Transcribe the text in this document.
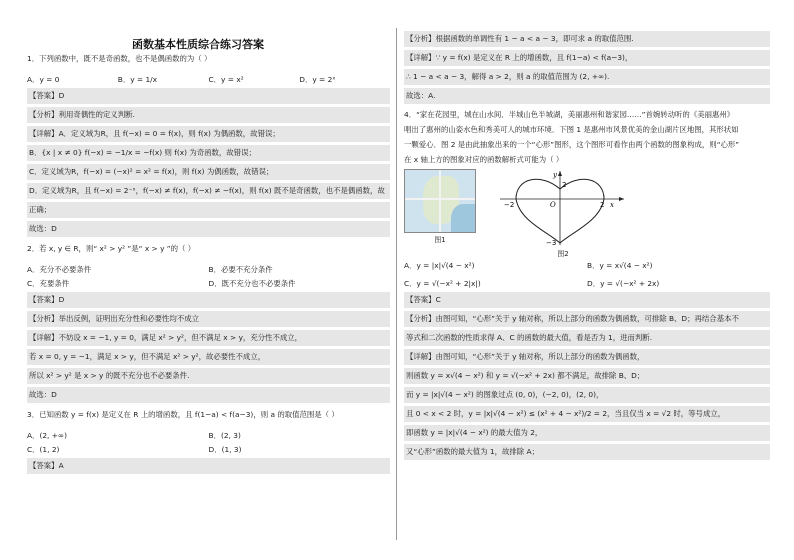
函数基本性质综合练习答案

1．下列函数中，既不是奇函数，也不是偶函数的为（ ）

A．y = 0	B．y = 1/x	C．y = x²	D．y = 2ˣ
【答案】D
【分析】利用奇偶性的定义判断.
【详解】A．定义域为R，且 f(−x) = 0 = f(x)，则 f(x) 为偶函数，故错误；
B．{x | x ≠ 0} f(−x) = −1/x = −f(x) 则 f(x) 为奇函数，故错误；
C．定义域为R，f(−x) = (−x)² = x² = f(x)，则 f(x) 为偶函数，故错误；
D．定义域为R，且 f(−x) = 2⁻ˣ，f(−x) ≠ f(x)，f(−x) ≠ −f(x)，则 f(x) 既不是奇函数，也不是偶函数，故
正确；
故选：D

2．若 x, y ∈ R，则“ x² > y² ”是“ x > y ”的（ ）

A．充分不必要条件	B．必要不充分条件
C．充要条件	D．既不充分也不必要条件
【答案】D
【分析】举出反例，证明出充分性和必要性均不成立
【详解】不妨设 x = −1, y = 0，满足 x² > y²，但不满足 x > y，充分性不成立，
若 x = 0, y = −1，满足 x > y，但不满足 x² > y²，故必要性不成立，
所以 x² > y² 是 x > y 的既不充分也不必要条件.
故选：D

3．已知函数 y = f(x) 是定义在 R 上的增函数，且 f(1−a) < f(a−3)，则 a 的取值范围是（ ）

A．(2, +∞)	B．(2, 3)
C．(1, 2)	D．(1, 3)
【答案】A
【分析】根据函数的单调性有 1 − a < a − 3，即可求 a 的取值范围.
【详解】∵ y = f(x) 是定义在 R 上的增函数，且 f(1−a) < f(a−3)，
∴ 1 − a < a − 3，解得 a > 2，则 a 的取值范围为 (2, +∞).
故选：A.

4．“家在花园里，城在山水间．半城山色半城湖，美丽惠州和谐家园……”首婉转动听的《美丽惠州》

唱出了惠州的山姿水色和秀美可人的城市环境．下图 1 是惠州市风景优美的金山湖片区地图，其形状如

一颗爱心．图 2 是由此抽象出来的一个“心形”图形，这个图形可看作由两个函数的图象构成，则“心形”

在 x 轴上方的图象对应的函数解析式可能为（ ）

图1
−2	O	2 x
y
2
−3
图2
A．y = |x|√(4 − x²)	B．y = x√(4 − x²)
C．y = √(−x² + 2|x|)	D．y = √(−x² + 2x)
【答案】C
【分析】由图可知，“心形”关于 y 轴对称，所以上部分的函数为偶函数，可排除 B、D；再结合基本不
等式和二次函数的性质求得 A、C 的函数的最大值，看是否为 1，进而判断.
【详解】由图可知，“心形”关于 y 轴对称，所以上部分的函数为偶函数，
则函数 y = x√(4 − x²) 和 y = √(−x² + 2x) 都不满足，故排除 B、D；
而 y = |x|√(4 − x²) 的图象过点 (0, 0)，(−2, 0)，(2, 0)，
且 0 < x < 2 时，y = |x|√(4 − x²) ≤ (x² + 4 − x²)/2 = 2，当且仅当 x = √2 时，等号成立，
即函数 y = |x|√(4 − x²) 的最大值为 2，
又“心形”函数的最大值为 1，故排除 A；
